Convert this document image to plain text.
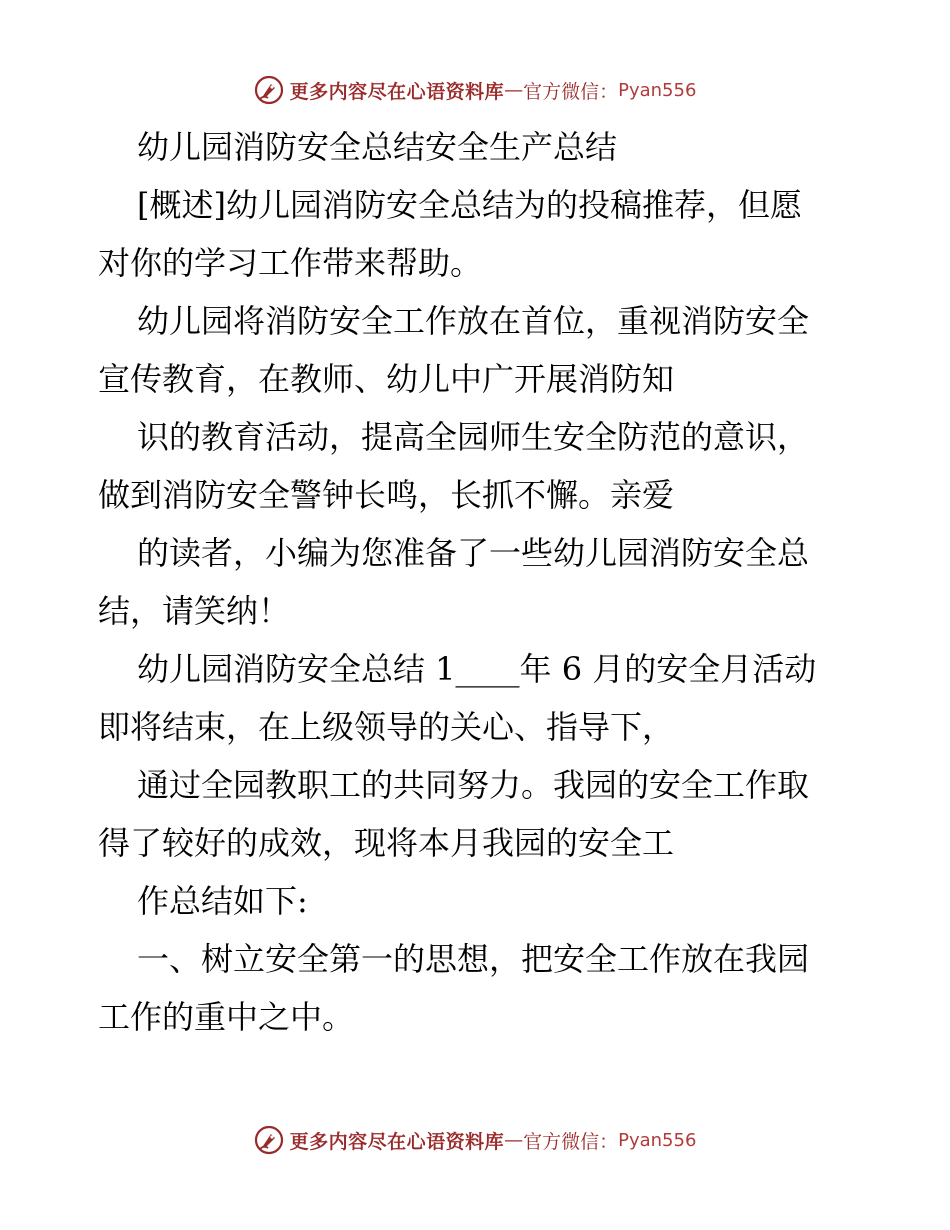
更多内容尽在心语资料库 — 官方微信： Pyan556
幼儿园消防安全总结安全生产总结
[概述]幼儿园消防安全总结为的投稿推荐，但愿
对你的学习工作带来帮助。
幼儿园将消防安全工作放在首位，重视消防安全
宣传教育，在教师、幼儿中广开展消防知
识的教育活动，提高全园师生安全防范的意识，
做到消防安全警钟长鸣，长抓不懈。亲爱
的读者，小编为您准备了一些幼儿园消防安全总
结，请笑纳！
幼儿园消防安全总结 1____年 6 月的安全月活动
即将结束，在上级领导的关心、指导下，
通过全园教职工的共同努力。我园的安全工作取
得了较好的成效，现将本月我园的安全工
作总结如下:
一、树立安全第一的思想，把安全工作放在我园
工作的重中之中。
更多内容尽在心语资料库 — 官方微信： Pyan556
